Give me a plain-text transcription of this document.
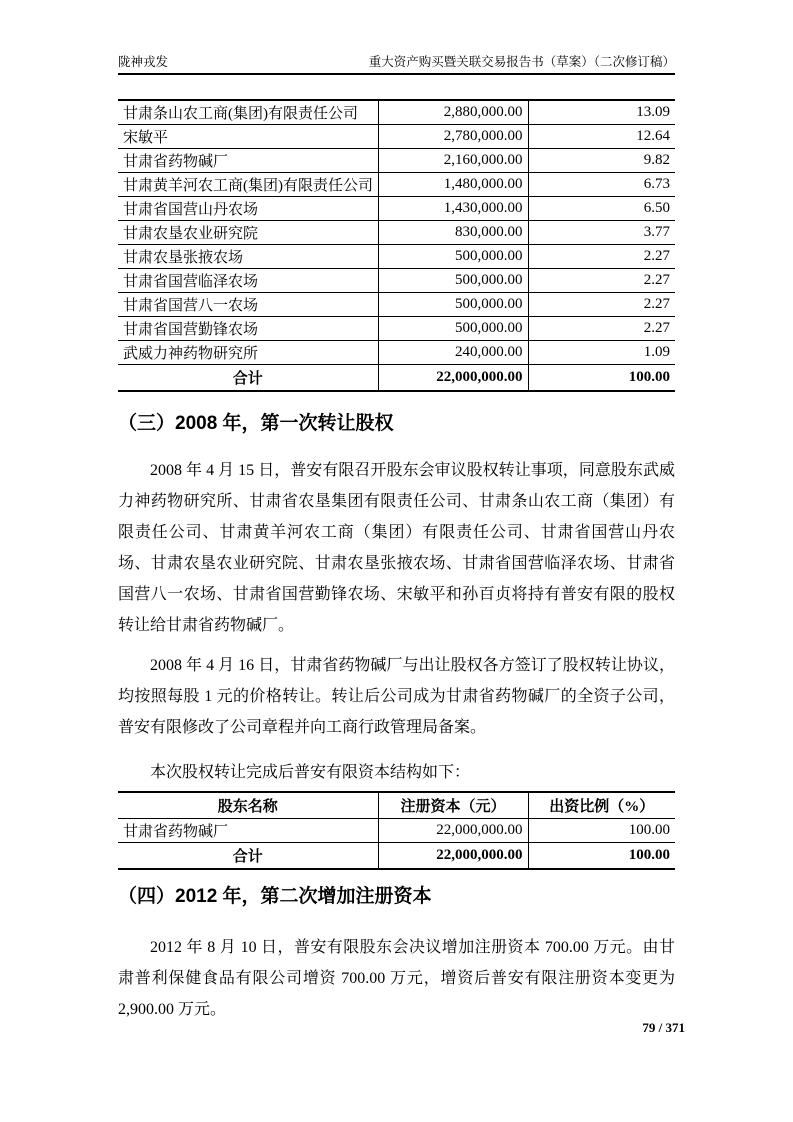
陇神戎发	重大资产购买暨关联交易报告书（草案）（二次修订稿）
甘肃条山农工商(集团)有限责任公司	2,880,000.00	13.09
宋敏平	2,780,000.00	12.64
甘肃省药物碱厂	2,160,000.00	9.82
甘肃黄羊河农工商(集团)有限责任公司	1,480,000.00	6.73
甘肃省国营山丹农场	1,430,000.00	6.50
甘肃农垦农业研究院	830,000.00	3.77
甘肃农垦张掖农场	500,000.00	2.27
甘肃省国营临泽农场	500,000.00	2.27
甘肃省国营八一农场	500,000.00	2.27
甘肃省国营勤锋农场	500,000.00	2.27
武威力神药物研究所	240,000.00	1.09
合计	22,000,000.00	100.00
（三）2008 年，第一次转让股权

2008 年 4 月 15 日，普安有限召开股东会审议股权转让事项，同意股东武威力神药物研究所、甘肃省农垦集团有限责任公司、甘肃条山农工商（集团）有限责任公司、甘肃黄羊河农工商（集团）有限责任公司、甘肃省国营山丹农场、甘肃农垦农业研究院、甘肃农垦张掖农场、甘肃省国营临泽农场、甘肃省国营八一农场、甘肃省国营勤锋农场、宋敏平和孙百贞将持有普安有限的股权转让给甘肃省药物碱厂。

2008 年 4 月 16 日，甘肃省药物碱厂与出让股权各方签订了股权转让协议，均按照每股 1 元的价格转让。转让后公司成为甘肃省药物碱厂的全资子公司，普安有限修改了公司章程并向工商行政管理局备案。

本次股权转让完成后普安有限资本结构如下：

股东名称	注册资本（元）	出资比例（%）
甘肃省药物碱厂	22,000,000.00	100.00
合计	22,000,000.00	100.00
（四）2012 年，第二次增加注册资本

2012 年 8 月 10 日，普安有限股东会决议增加注册资本 700.00 万元。由甘肃普利保健食品有限公司增资 700.00 万元，增资后普安有限注册资本变更为 2,900.00 万元。

79 / 371
